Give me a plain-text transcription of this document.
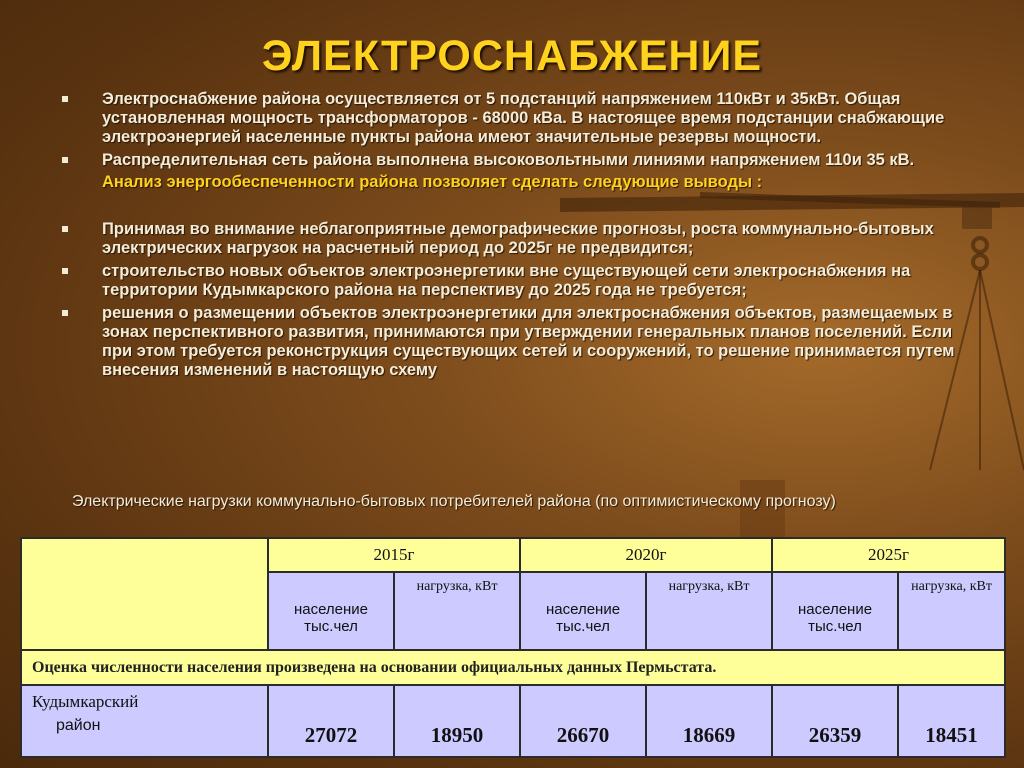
ЭЛЕКТРОСНАБЖЕНИЕ
Электроснабжение района осуществляется от 5 подстанций напряжением 110кВт и 35кВт. Общая установленная мощность трансформаторов - 68000 кВа. В настоящее время подстанции снабжающие электроэнергией населенные пункты района имеют значительные резервы мощности.
Распределительная сеть района выполнена высоковольтными линиями напряжением 110и 35 кВ.
Анализ энергообеспеченности района позволяет сделать следующие выводы :
Принимая во внимание неблагоприятные демографические прогнозы, роста коммунально-бытовых электрических нагрузок на расчетный период до 2025г не предвидится;
строительство новых объектов электроэнергетики вне существующей сети электроснабжения на территории Кудымкарского района на перспективу до 2025 года не требуется;
решения о размещении объектов электроэнергетики для электроснабжения объектов, размещаемых в зонах перспективного развития, принимаются при утверждении генеральных планов поселений. Если при этом требуется реконструкция существующих сетей и сооружений, то решение принимается путем внесения изменений в настоящую схему
Электрические нагрузки коммунально-бытовых потребителей района (по оптимистическому прогнозу)
	2015г		2020г		2025г	
	население тыс.чел	нагрузка, кВт	население тыс.чел	нагрузка, кВт	население тыс.чел	нагрузка, кВт
Оценка численности населения произведена на основании официальных данных Пермьстата.						
Кудымкарский
район	27072	18950	26670	18669	26359	18451
